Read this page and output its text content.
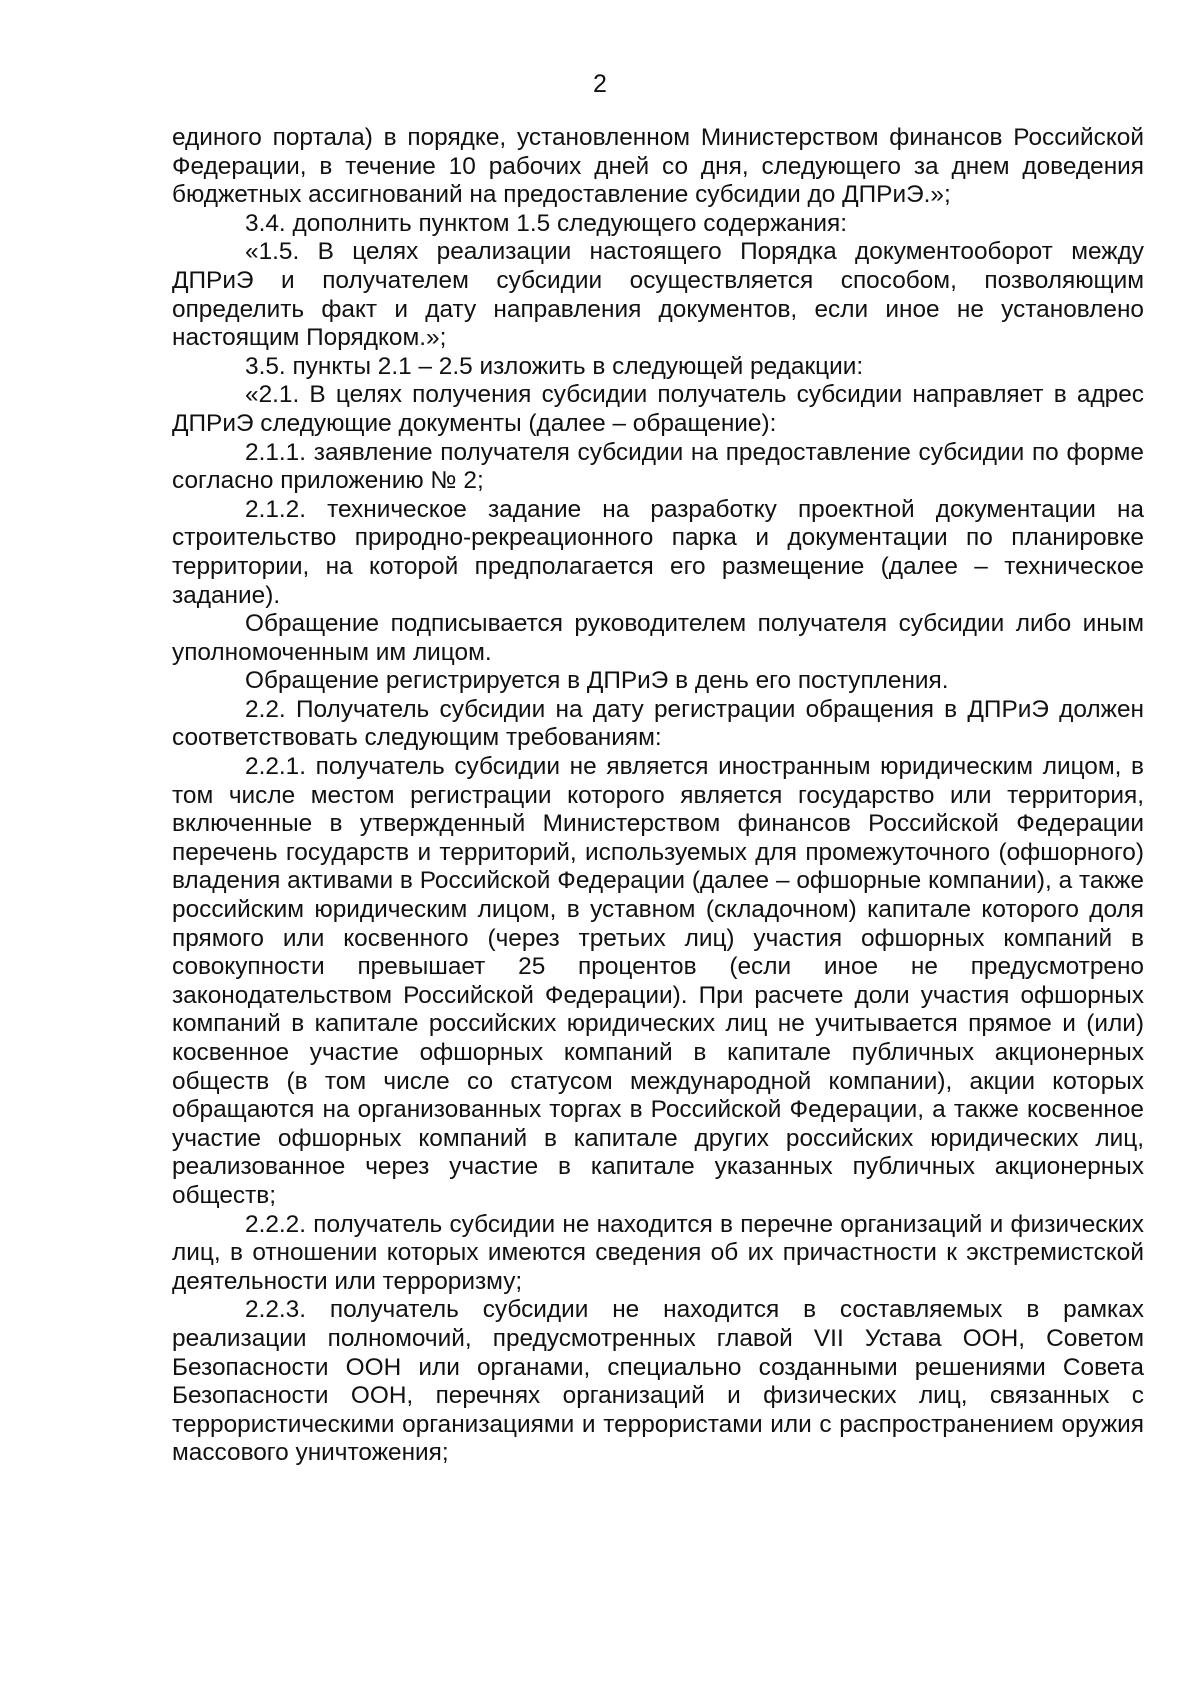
2

единого портала) в порядке, установленном Министерством финансов Российской Федерации, в течение 10 рабочих дней со дня, следующего за днем доведения бюджетных ассигнований на предоставление субсидии до ДПРиЭ.»;

3.4. дополнить пунктом 1.5 следующего содержания:

«1.5. В целях реализации настоящего Порядка документооборот между ДПРиЭ и получателем субсидии осуществляется способом, позволяющим определить факт и дату направления документов, если иное не установлено настоящим Порядком.»;

3.5. пункты 2.1 – 2.5 изложить в следующей редакции:

«2.1. В целях получения субсидии получатель субсидии направляет в адрес ДПРиЭ следующие документы (далее – обращение):

2.1.1. заявление получателя субсидии на предоставление субсидии по форме согласно приложению № 2;

2.1.2. техническое задание на разработку проектной документации на строительство природно-рекреационного парка и документации по планировке территории, на которой предполагается его размещение (далее – техническое задание).

Обращение подписывается руководителем получателя субсидии либо иным уполномоченным им лицом.

Обращение регистрируется в ДПРиЭ в день его поступления.

2.2. Получатель субсидии на дату регистрации обращения в ДПРиЭ должен соответствовать следующим требованиям:

2.2.1. получатель субсидии не является иностранным юридическим лицом, в том числе местом регистрации которого является государство или территория, включенные в утвержденный Министерством финансов Российской Федерации перечень государств и территорий, используемых для промежуточного (офшорного) владения активами в Российской Федерации (далее – офшорные компании), а также российским юридическим лицом, в уставном (складочном) капитале которого доля прямого или косвенного (через третьих лиц) участия офшорных компаний в совокупности превышает 25 процентов (если иное не предусмотрено законодательством Российской Федерации). При расчете доли участия офшорных компаний в капитале российских юридических лиц не учитывается прямое и (или) косвенное участие офшорных компаний в капитале публичных акционерных обществ (в том числе со статусом международной компании), акции которых обращаются на организованных торгах в Российской Федерации, а также косвенное участие офшорных компаний в капитале других российских юридических лиц, реализованное через участие в капитале указанных публичных акционерных обществ;

2.2.2. получатель субсидии не находится в перечне организаций и физических лиц, в отношении которых имеются сведения об их причастности к экстремистской деятельности или терроризму;

2.2.3. получатель субсидии не находится в составляемых в рамках реализации полномочий, предусмотренных главой VII Устава ООН, Советом Безопасности ООН или органами, специально созданными решениями Совета Безопасности ООН, перечнях организаций и физических лиц, связанных с террористическими организациями и террористами или с распространением оружия массового уничтожения;
